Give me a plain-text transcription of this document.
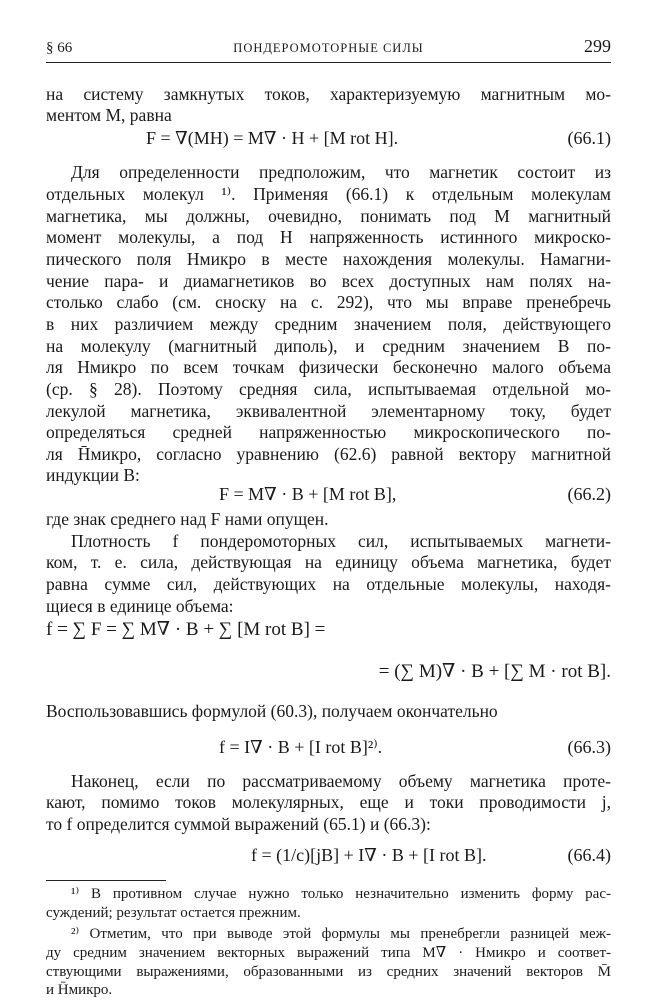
§ 66	ПОНДЕРОМОТОРНЫЕ СИЛЫ	299
на систему замкнутых токов, характеризуемую магнитным мо-
ментом M, равна
F = ∇(MH) = M∇ · H + [M rot H].	(66.1)
Для определенности предположим, что магнетик состоит из
отдельных молекул ¹⁾. Применяя (66.1) к отдельным молекулам
магнетика, мы должны, очевидно, понимать под M магнитный
момент молекулы, а под H напряженность истинного микроско-
пического поля Hмикро в месте нахождения молекулы. Намагни-
чение пара- и диамагнетиков во всех доступных нам полях на-
столько слабо (см. сноску на с. 292), что мы вправе пренебречь
в них различием между средним значением поля, действующего
на молекулу (магнитный диполь), и средним значением B по-
ля Hмикро по всем точкам физически бесконечно малого объема
(ср. § 28). Поэтому средняя сила, испытываемая отдельной мо-
лекулой магнетика, эквивалентной элементарному току, будет
определяться средней напряженностью микроскопического по-
ля H̄микро, согласно уравнению (62.6) равной вектору магнитной
индукции B:
F = M∇ · B + [M rot B],	(66.2)
где знак среднего над F нами опущен.
Плотность f пондеромоторных сил, испытываемых магнети-
ком, т. е. сила, действующая на единицу объема магнетика, будет
равна сумме сил, действующих на отдельные молекулы, находя-
щиеся в единице объема:
f = ∑ F = ∑ M∇ · B + ∑ [M rot B] =
= (∑ M)∇ · B + [∑ M · rot B].
Воспользовавшись формулой (60.3), получаем окончательно
f = I∇ · B + [I rot B]²⁾.	(66.3)
Наконец, если по рассматриваемому объему магнетика проте-
кают, помимо токов молекулярных, еще и токи проводимости j,
то f определится суммой выражений (65.1) и (66.3):
f = (1/c)[jB] + I∇ · B + [I rot B].	(66.4)
¹⁾ В противном случае нужно только незначительно изменить форму рас-
суждений; результат остается прежним.
²⁾ Отметим, что при выводе этой формулы мы пренебрегли разницей меж-
ду средним значением векторных выражений типа M∇ · Hмикро и соответ-
ствующими выражениями, образованными из средних значений векторов M̄
и H̄микро.
